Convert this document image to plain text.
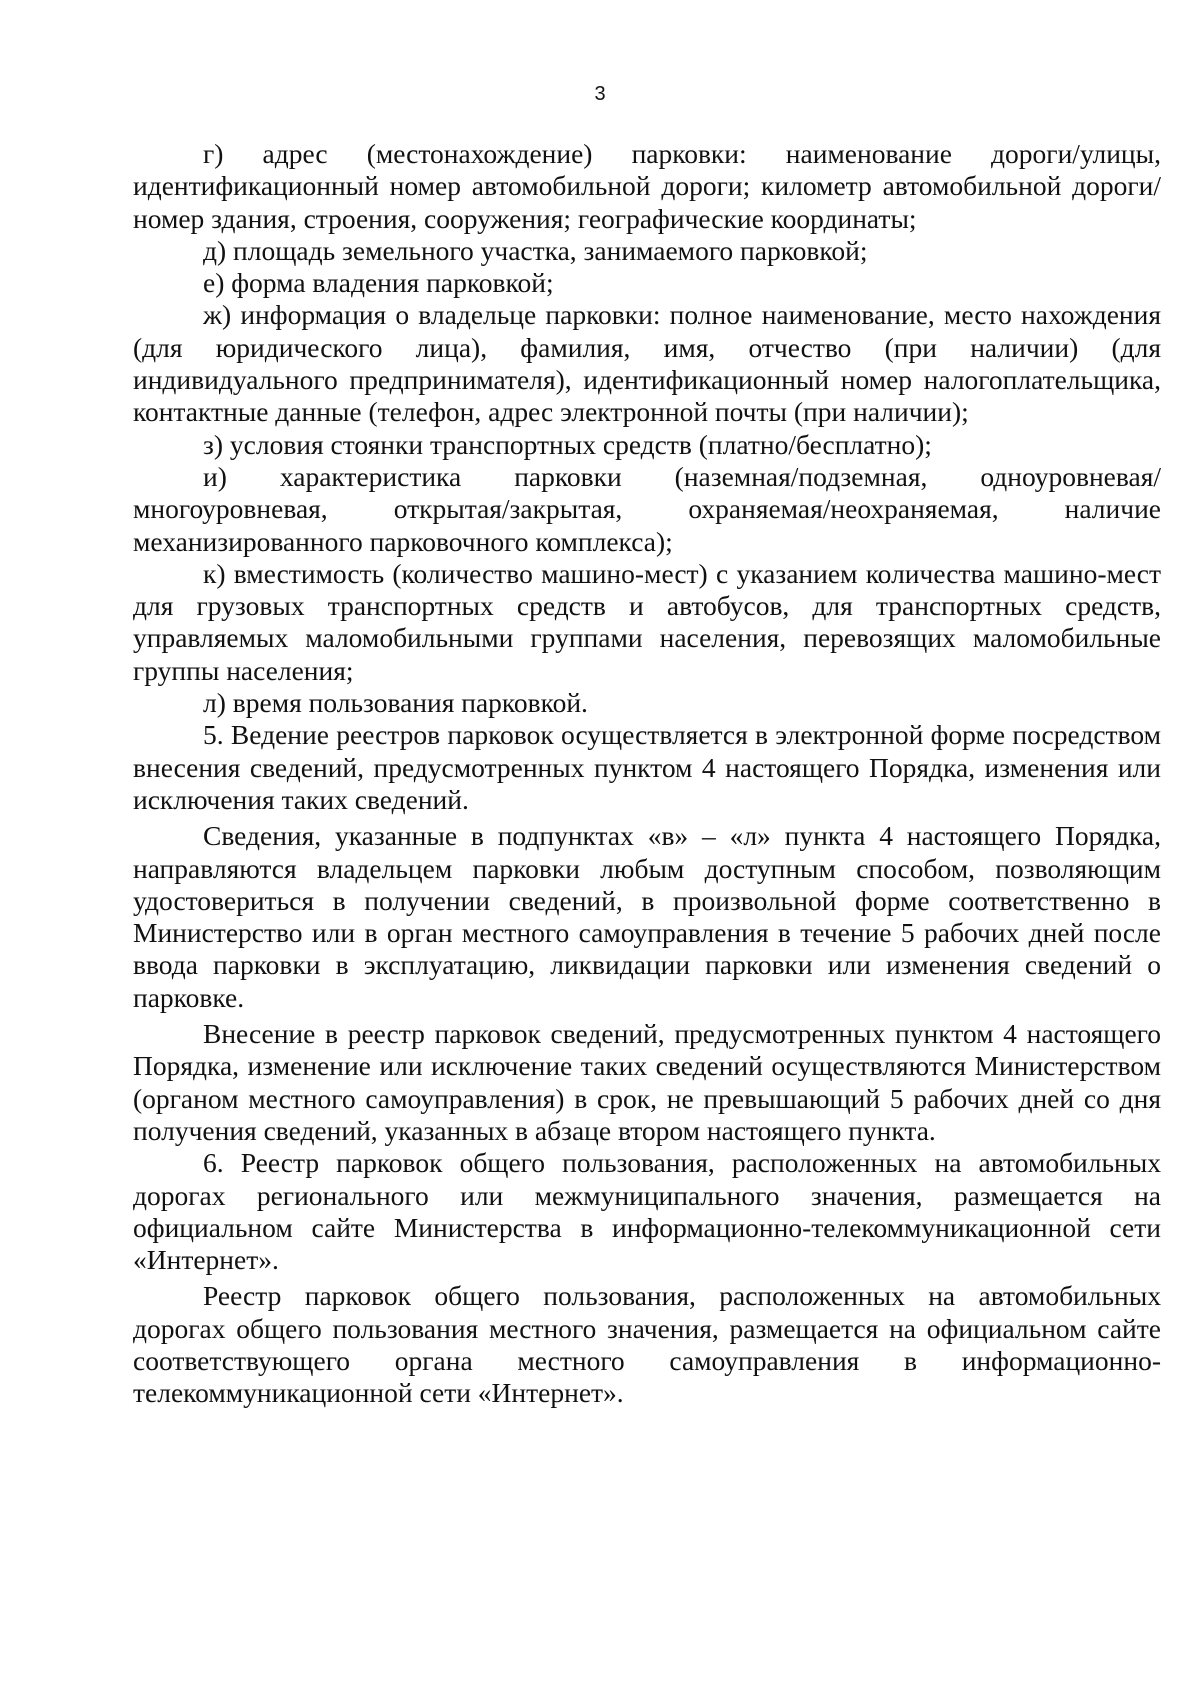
3

г) адрес (местонахождение) парковки: наименование дороги/улицы, идентификационный номер автомобильной дороги; километр автомобильной дороги/номер здания, строения, сооружения; географические координаты;

д) площадь земельного участка, занимаемого парковкой;

е) форма владения парковкой;

ж) информация о владельце парковки: полное наименование, место нахождения (для юридического лица), фамилия, имя, отчество (при наличии) (для индивидуального предпринимателя), идентификационный номер налогоплательщика, контактные данные (телефон, адрес электронной почты (при наличии);

з) условия стоянки транспортных средств (платно/бесплатно);

и) характеристика парковки (наземная/подземная, одноуровневая/многоуровневая, открытая/закрытая, охраняемая/неохраняемая, наличие механизированного парковочного комплекса);

к) вместимость (количество машино-мест) с указанием количества машино-мест для грузовых транспортных средств и автобусов, для транспортных средств, управляемых маломобильными группами населения, перевозящих маломобильные группы населения;

л) время пользования парковкой.

5. Ведение реестров парковок осуществляется в электронной форме посредством внесения сведений, предусмотренных пунктом 4 настоящего Порядка, изменения или исключения таких сведений.

Сведения, указанные в подпунктах «в» – «л» пункта 4 настоящего Порядка, направляются владельцем парковки любым доступным способом, позволяющим удостовериться в получении сведений, в произвольной форме соответственно в Министерство или в орган местного самоуправления в течение 5 рабочих дней после ввода парковки в эксплуатацию, ликвидации парковки или изменения сведений о парковке.

Внесение в реестр парковок сведений, предусмотренных пунктом 4 настоящего Порядка, изменение или исключение таких сведений осуществляются Министерством (органом местного самоуправления) в срок, не превышающий 5 рабочих дней со дня получения сведений, указанных в абзаце втором настоящего пункта.

6. Реестр парковок общего пользования, расположенных на автомобильных дорогах регионального или межмуниципального значения, размещается на официальном сайте Министерства в информационно-телекоммуникационной сети «Интернет».

Реестр парковок общего пользования, расположенных на автомобильных дорогах общего пользования местного значения, размещается на официальном сайте соответствующего органа местного самоуправления в информационно-телекоммуникационной сети «Интернет».
